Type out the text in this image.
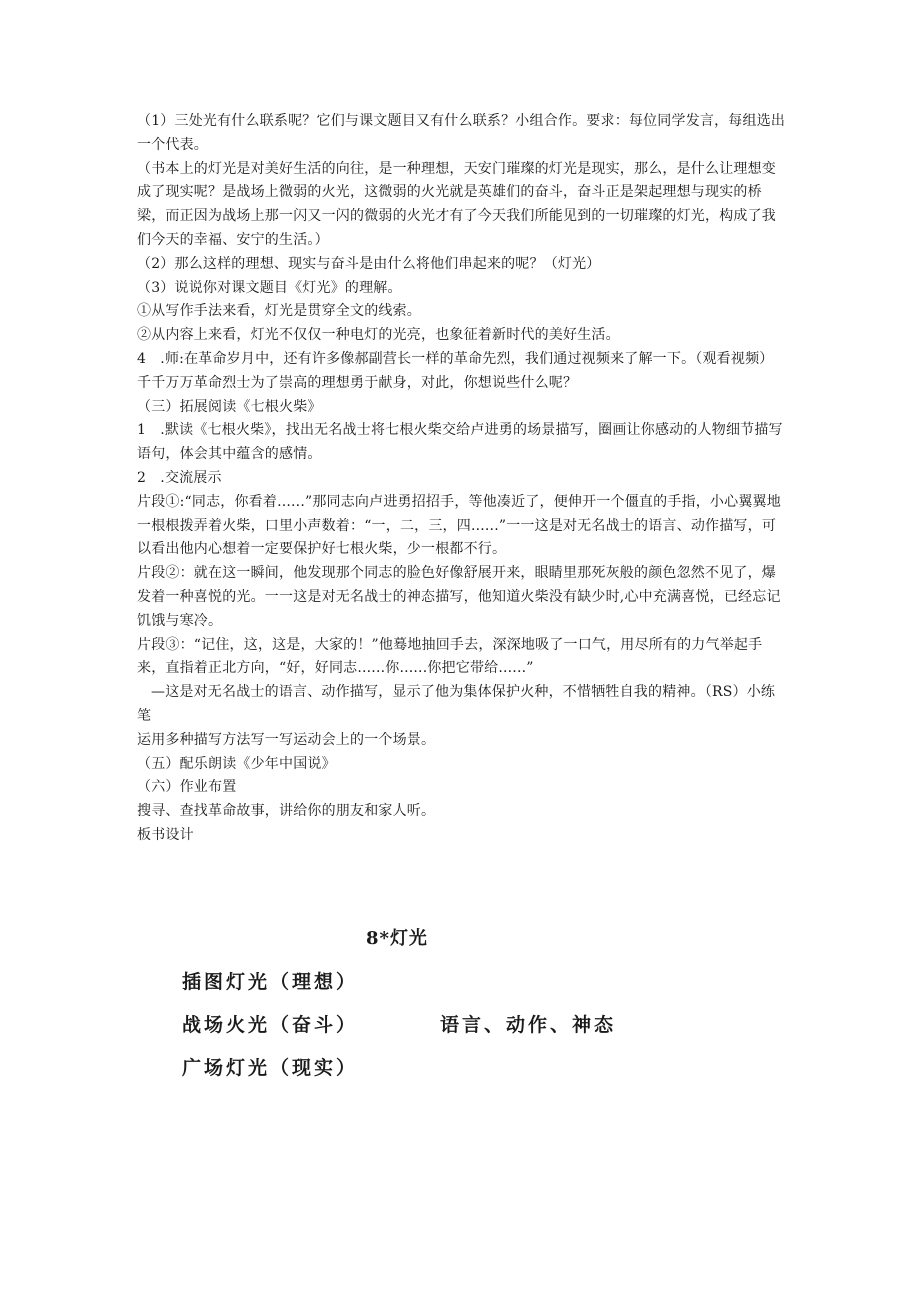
（1）三处光有什么联系呢？它们与课文题目又有什么联系？小组合作。要求：每位同学发言，每组选出一个代表。

（书本上的灯光是对美好生活的向往，是一种理想，天安门璀璨的灯光是现实，那么，是什么让理想变成了现实呢？是战场上微弱的火光，这微弱的火光就是英雄们的奋斗，奋斗正是架起理想与现实的桥梁，而正因为战场上那一闪又一闪的微弱的火光才有了今天我们所能见到的一切璀璨的灯光，构成了我们今天的幸福、安宁的生活。）

（2）那么这样的理想、现实与奋斗是由什么将他们串起来的呢？（灯光）

（3）说说你对课文题目《灯光》的理解。

①从写作手法来看，灯光是贯穿全文的线索。

②从内容上来看，灯光不仅仅一种电灯的光亮，也象征着新时代的美好生活。

4　.师:在革命岁月中，还有许多像郝副营长一样的革命先烈，我们通过视频来了解一下。（观看视频）千千万万革命烈士为了崇高的理想勇于献身，对此，你想说些什么呢？

（三）拓展阅读《七根火柴》

1　.默读《七根火柴》，找出无名战士将七根火柴交给卢进勇的场景描写，圈画让你感动的人物细节描写语句，体会其中蕴含的感情。

2　.交流展示

片段①:“同志，你看着......”那同志向卢进勇招招手，等他凑近了，便伸开一个僵直的手指，小心翼翼地一根根拨弄着火柴，口里小声数着：“一，二，三，四......”一一这是对无名战士的语言、动作描写，可以看出他内心想着一定要保护好七根火柴，少一根都不行。

片段②：就在这一瞬间，他发现那个同志的脸色好像舒展开来，眼睛里那死灰般的颜色忽然不见了，爆发着一种喜悦的光。一一这是对无名战士的神态描写，他知道火柴没有缺少时,心中充满喜悦，已经忘记饥饿与寒冷。

片段③：“记住，这，这是，大家的！”他蓦地抽回手去，深深地吸了一口气，用尽所有的力气举起手来，直指着正北方向，“好，好同志......你......你把它带给......”

—这是对无名战士的语言、动作描写，显示了他为集体保护火种，不惜牺牲自我的精神。（RS）小练笔

运用多种描写方法写一写运动会上的一个场景。

（五）配乐朗读《少年中国说》

（六）作业布置

搜寻、查找革命故事，讲给你的朋友和家人听。

板书设计

8*灯光
插图灯光（理想）
战场火光（奋斗）
广场灯光（现实）
语言、动作、神态
